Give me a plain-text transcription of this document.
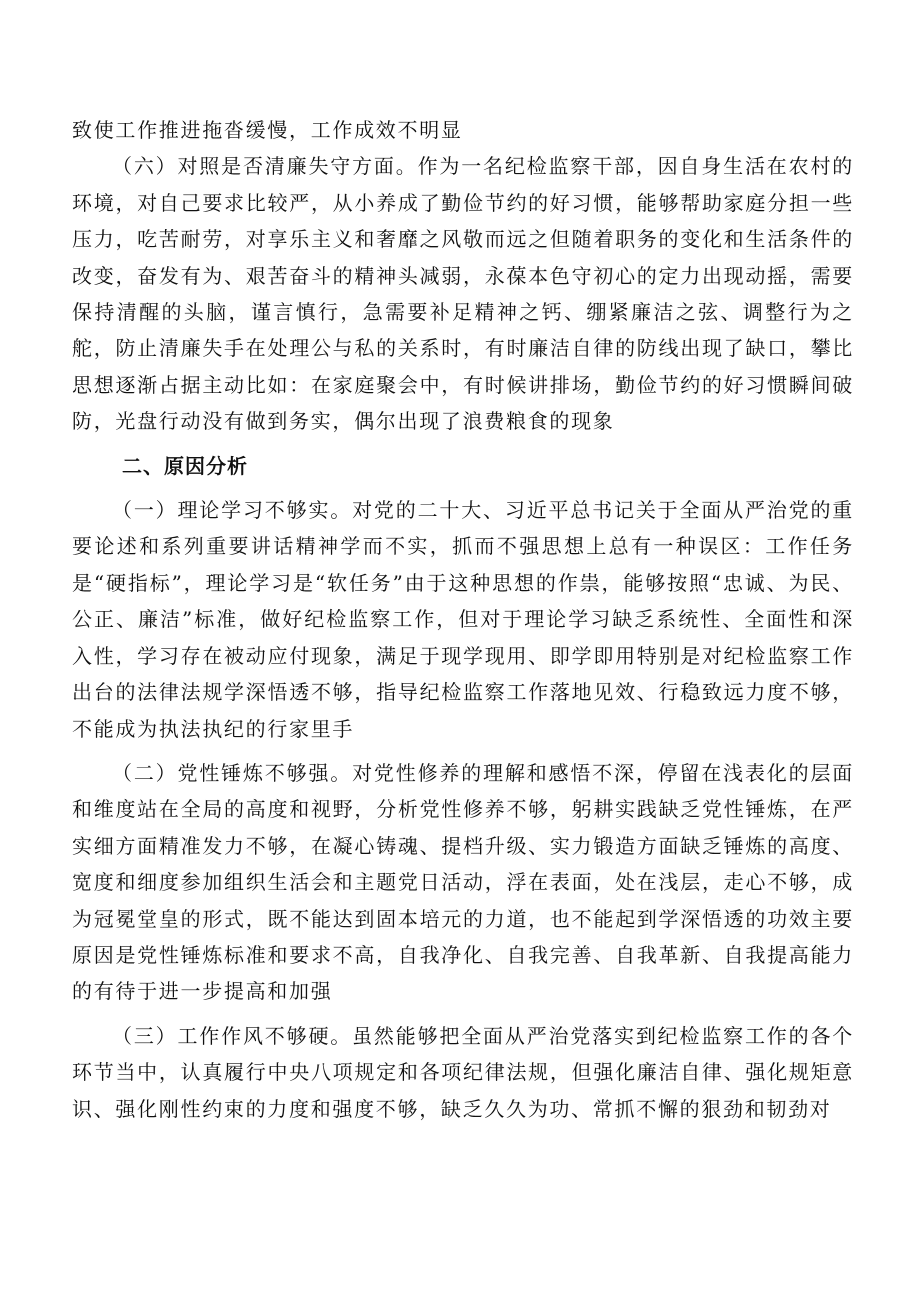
致使工作推进拖沓缓慢，工作成效不明显

（六）对照是否清廉失守方面。作为一名纪检监察干部，因自身生活在农村的环境，对自己要求比较严，从小养成了勤俭节约的好习惯，能够帮助家庭分担一些压力，吃苦耐劳，对享乐主义和奢靡之风敬而远之但随着职务的变化和生活条件的改变，奋发有为、艰苦奋斗的精神头减弱，永葆本色守初心的定力出现动摇，需要保持清醒的头脑，谨言慎行，急需要补足精神之钙、绷紧廉洁之弦、调整行为之舵，防止清廉失手在处理公与私的关系时，有时廉洁自律的防线出现了缺口，攀比思想逐渐占据主动比如：在家庭聚会中，有时候讲排场，勤俭节约的好习惯瞬间破防，光盘行动没有做到务实，偶尔出现了浪费粮食的现象

二、原因分析

（一）理论学习不够实。对党的二十大、习近平总书记关于全面从严治党的重要论述和系列重要讲话精神学而不实，抓而不强思想上总有一种误区：工作任务是“硬指标”，理论学习是“软任务”由于这种思想的作祟，能够按照“忠诚、为民、公正、廉洁”标准，做好纪检监察工作，但对于理论学习缺乏系统性、全面性和深入性，学习存在被动应付现象，满足于现学现用、即学即用特别是对纪检监察工作出台的法律法规学深悟透不够，指导纪检监察工作落地见效、行稳致远力度不够，不能成为执法执纪的行家里手

（二）党性锤炼不够强。对党性修养的理解和感悟不深，停留在浅表化的层面和维度站在全局的高度和视野，分析党性修养不够，躬耕实践缺乏党性锤炼，在严实细方面精准发力不够，在凝心铸魂、提档升级、实力锻造方面缺乏锤炼的高度、宽度和细度参加组织生活会和主题党日活动，浮在表面，处在浅层，走心不够，成为冠冕堂皇的形式，既不能达到固本培元的力道，也不能起到学深悟透的功效主要原因是党性锤炼标准和要求不高，自我净化、自我完善、自我革新、自我提高能力的有待于进一步提高和加强

（三）工作作风不够硬。虽然能够把全面从严治党落实到纪检监察工作的各个环节当中，认真履行中央八项规定和各项纪律法规，但强化廉洁自律、强化规矩意识、强化刚性约束的力度和强度不够，缺乏久久为功、常抓不懈的狠劲和韧劲对
